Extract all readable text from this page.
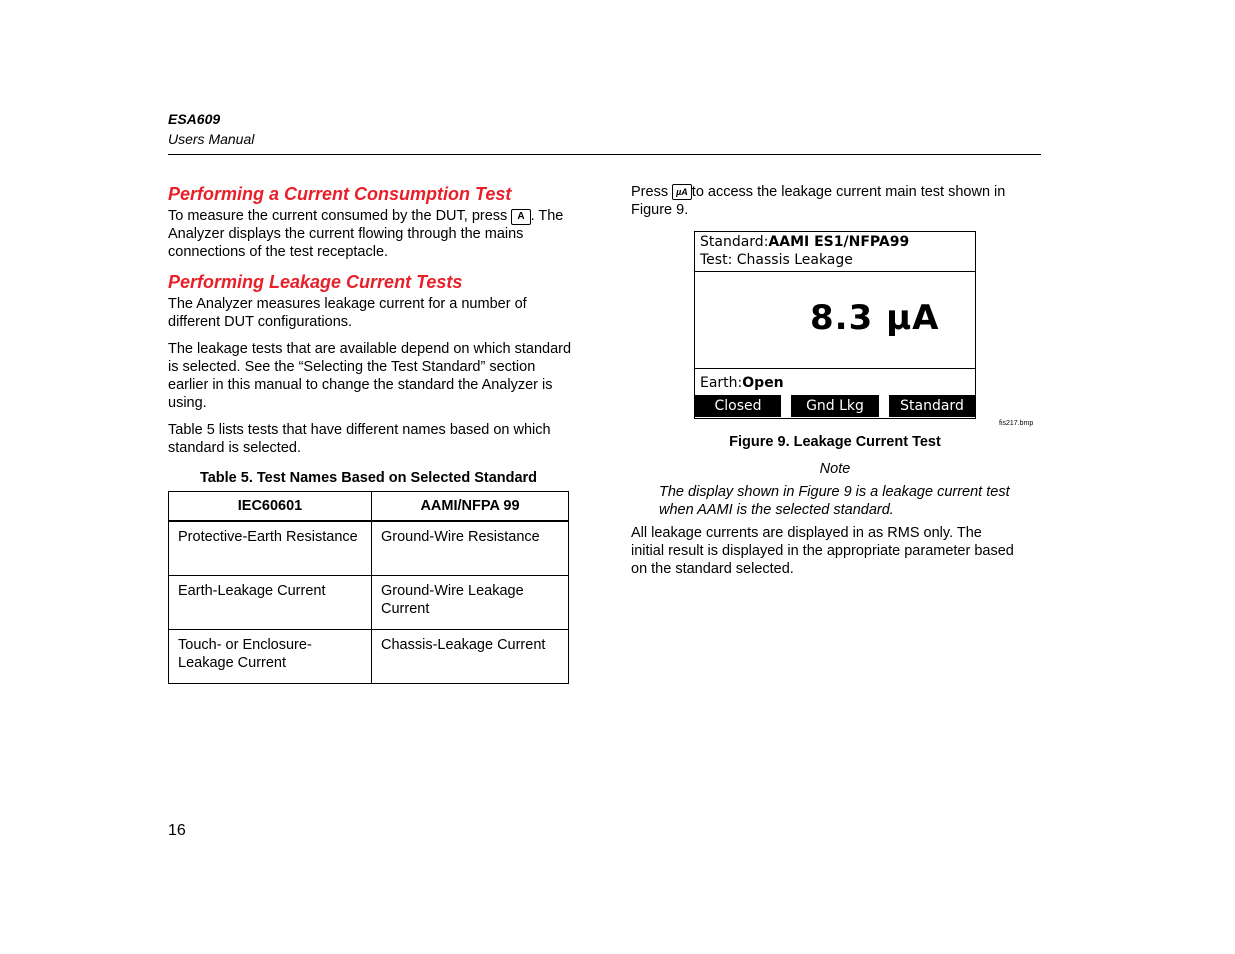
ESA609
Users Manual
Performing a Current Consumption Test

To measure the current consumed by the DUT, press A . The Analyzer displays the current flowing through the mains connections of the test receptacle.

Performing Leakage Current Tests

The Analyzer measures leakage current for a number of different DUT configurations.

The leakage tests that are available depend on which standard is selected. See the “Selecting the Test Standard” section earlier in this manual to change the standard the Analyzer is using.

Table 5 lists tests that have different names based on which standard is selected.

Table 5. Test Names Based on Selected Standard
IEC60601	AAMI/NFPA 99
Protective-Earth Resistance	Ground-Wire Resistance
Earth-Leakage Current	Ground-Wire Leakage Current
Touch- or Enclosure-Leakage Current	Chassis-Leakage Current

Press µA to access the leakage current main test shown in Figure 9.

Standard:AAMI ES1/NFPA99
Test: Chassis Leakage
8.3 µA
Earth:Open
Closed	Gnd Lkg	Standard
fis217.bmp
Figure 9. Leakage Current Test
Note

The display shown in Figure 9 is a leakage current test when AAMI is the selected standard.

All leakage currents are displayed in as RMS only. The initial result is displayed in the appropriate parameter based on the standard selected.

16
